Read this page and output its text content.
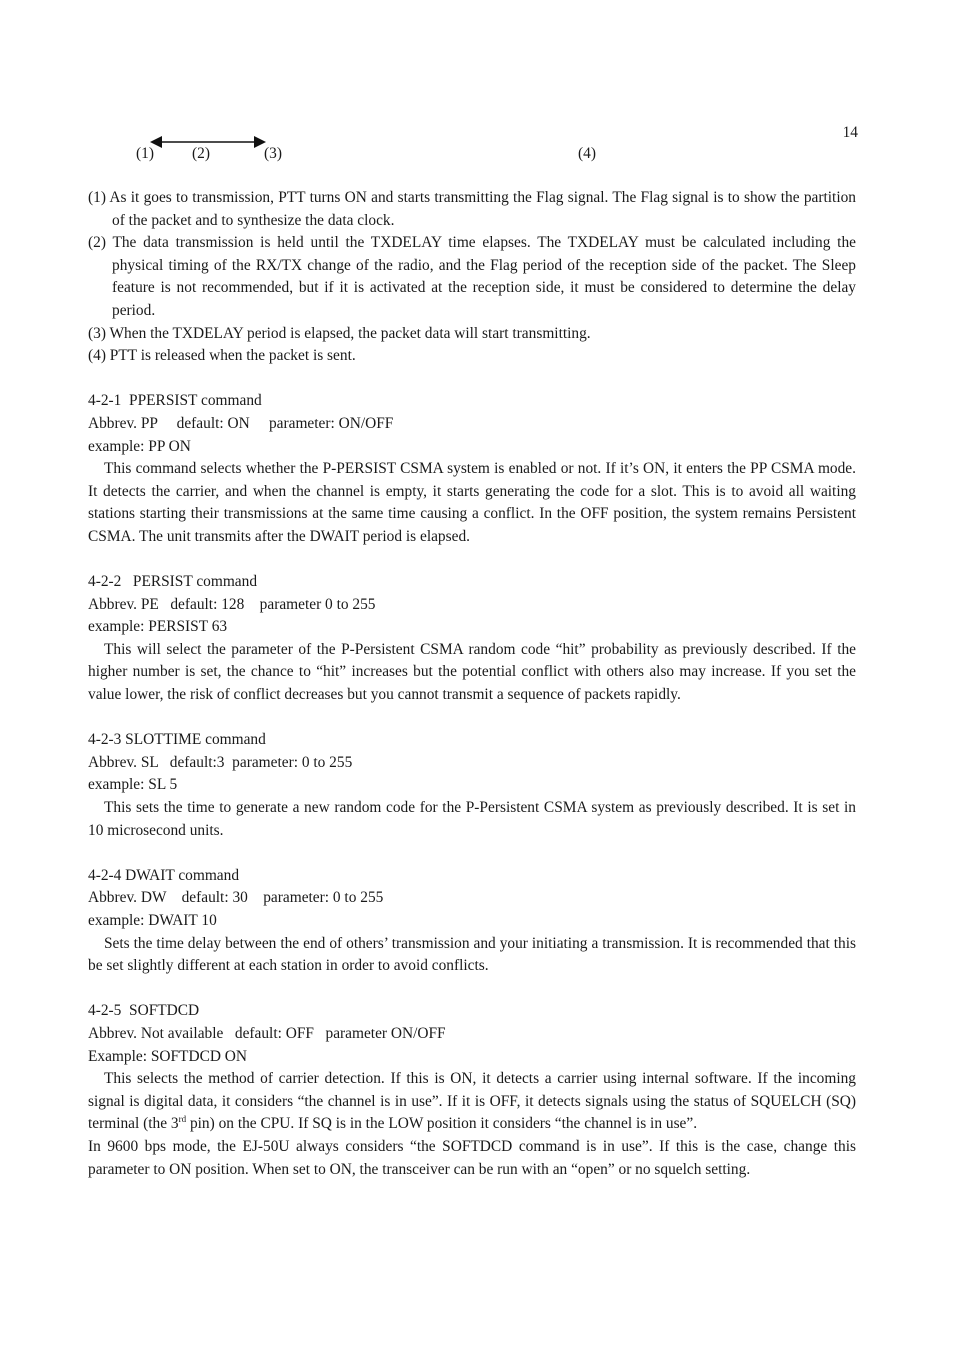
14
(1) (2)	(3)	(4)

(1) As it goes to transmission, PTT turns ON and starts transmitting the Flag signal. The Flag signal is to show the partition of the packet and to synthesize the data clock.

(2) The data transmission is held until the TXDELAY time elapses. The TXDELAY must be calculated including the physical timing of the RX/TX change of the radio, and the Flag period of the reception side of the packet. The Sleep feature is not recommended, but if it is activated at the reception side, it must be considered to determine the delay period.

(3) When the TXDELAY period is elapsed, the packet data will start transmitting.

(4) PTT is released when the packet is sent.

4-2-1  PPERSIST command

Abbrev. PP     default: ON     parameter: ON/OFF

example: PP ON

This command selects whether the P-PERSIST CSMA system is enabled or not. If it’s ON, it enters the PP CSMA mode. It detects the carrier, and when the channel is empty, it starts generating the code for a slot. This is to avoid all waiting stations starting their transmissions at the same time causing a conflict. In the OFF position, the system remains Persistent CSMA. The unit transmits after the DWAIT period is elapsed.

4-2-2   PERSIST command

Abbrev. PE   default: 128    parameter 0 to 255

example: PERSIST 63

This will select the parameter of the P-Persistent CSMA random code “hit” probability as previously described. If the higher number is set, the chance to “hit” increases but the potential conflict with others also may increase. If you set the value lower, the risk of conflict decreases but you cannot transmit a sequence of packets rapidly.

4-2-3 SLOTTIME command

Abbrev. SL   default:3  parameter: 0 to 255

example: SL 5

This sets the time to generate a new random code for the P-Persistent CSMA system as previously described. It is set in 10 microsecond units.

4-2-4 DWAIT command

Abbrev. DW    default: 30    parameter: 0 to 255

example: DWAIT 10

Sets the time delay between the end of others’ transmission and your initiating a transmission. It is recommended that this be set slightly different at each station in order to avoid conflicts.

4-2-5  SOFTDCD

Abbrev. Not available   default: OFF   parameter ON/OFF

Example: SOFTDCD ON

This selects the method of carrier detection. If this is ON, it detects a carrier using internal software. If the incoming signal is digital data, it considers “the channel is in use”. If it is OFF, it detects signals using the status of SQUELCH (SQ) terminal (the 3rd pin) on the CPU. If SQ is in the LOW position it considers “the channel is in use”.

In 9600 bps mode, the EJ-50U always considers “the SOFTDCD command is in use”. If this is the case, change this parameter to ON position. When set to ON, the transceiver can be run with an “open” or no squelch setting.
